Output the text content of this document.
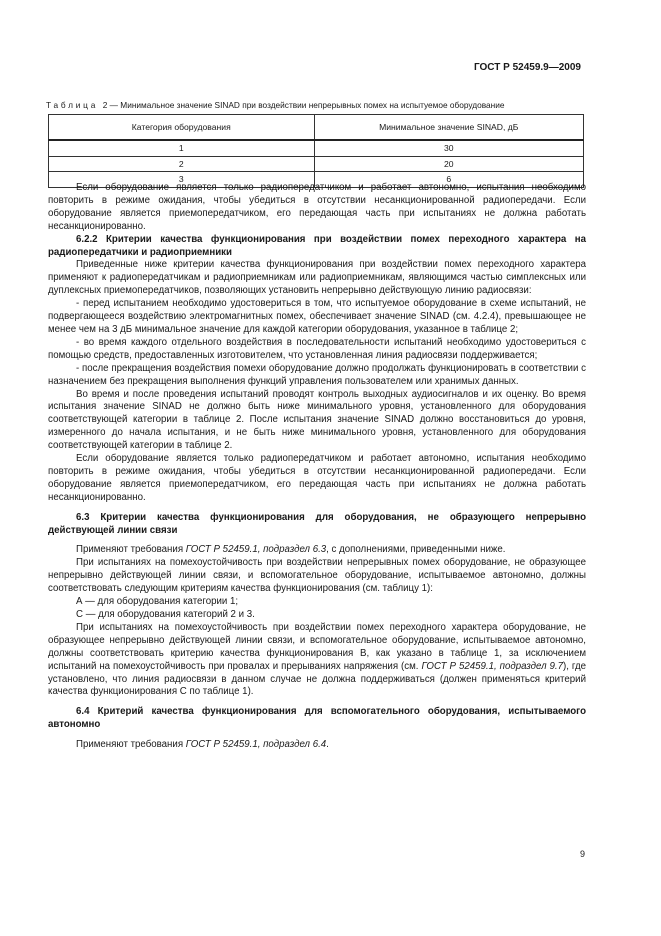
ГОСТ Р 52459.9—2009
Таблица 2 — Минимальное значение SINAD при воздействии непрерывных помех на испытуемое оборудование
Категория оборудования	Минимальное значение SINAD, дБ
1	30
2	20
3	6

Если оборудование является только радиопередатчиком и работает автономно, испытания необходимо повторить в режиме ожидания, чтобы убедиться в отсутствии несанкционированной радиопередачи. Если оборудование является приемопередатчиком, его передающая часть при испытаниях не должна работать несанкционированно.

6.2.2 Критерии качества функционирования при воздействии помех переходного характера на радиопередатчики и радиоприемники

Приведенные ниже критерии качества функционирования при воздействии помех переходного характера применяют к радиопередатчикам и радиоприемникам или радиоприемникам, являющимся частью симплексных или дуплексных приемопередатчиков, позволяющих установить непрерывно действующую линию радиосвязи:

- перед испытанием необходимо удостовериться в том, что испытуемое оборудование в схеме испытаний, не подвергающееся воздействию электромагнитных помех, обеспечивает значение SINAD (см. 4.2.4), превышающее не менее чем на 3 дБ минимальное значение для каждой категории оборудования, указанное в таблице 2;

- во время каждого отдельного воздействия в последовательности испытаний необходимо удостовериться с помощью средств, предоставленных изготовителем, что установленная линия радиосвязи поддерживается;

- после прекращения воздействия помехи оборудование должно продолжать функционировать в соответствии с назначением без прекращения выполнения функций управления пользователем или хранимых данных.

Во время и после проведения испытаний проводят контроль выходных аудиосигналов и их оценку. Во время испытания значение SINAD не должно быть ниже минимального уровня, установленного для оборудования соответствующей категории в таблице 2. После испытания значение SINAD должно восстановиться до уровня, измеренного до начала испытания, и не быть ниже минимального уровня, установленного для оборудования соответствующей категории в таблице 2.

Если оборудование является только радиопередатчиком и работает автономно, испытания необходимо повторить в режиме ожидания, чтобы убедиться в отсутствии несанкционированной радиопередачи. Если оборудование является приемопередатчиком, его передающая часть при испытаниях не должна работать несанкционированно.

6.3 Критерии качества функционирования для оборудования, не образующего непрерывно действующей линии связи

Применяют требования ГОСТ Р 52459.1, подраздел 6.3, с дополнениями, приведенными ниже.

При испытаниях на помехоустойчивость при воздействии непрерывных помех оборудование, не образующее непрерывно действующей линии связи, и вспомогательное оборудование, испытываемое автономно, должны соответствовать следующим критериям качества функционирования (см. таблицу 1):

А — для оборудования категории 1;

С — для оборудования категорий 2 и 3.

При испытаниях на помехоустойчивость при воздействии помех переходного характера оборудование, не образующее непрерывно действующей линии связи, и вспомогательное оборудование, испытываемое автономно, должны соответствовать критерию качества функционирования В, как указано в таблице 1, за исключением испытаний на помехоустойчивость при провалах и прерываниях напряжения (см. ГОСТ Р 52459.1, подраздел 9.7), где установлено, что линия радиосвязи в данном случае не должна поддерживаться (должен применяться критерий качества функционирования С по таблице 1).

6.4 Критерий качества функционирования для вспомогательного оборудования, испытываемого автономно

Применяют требования ГОСТ Р 52459.1, подраздел 6.4.

9
